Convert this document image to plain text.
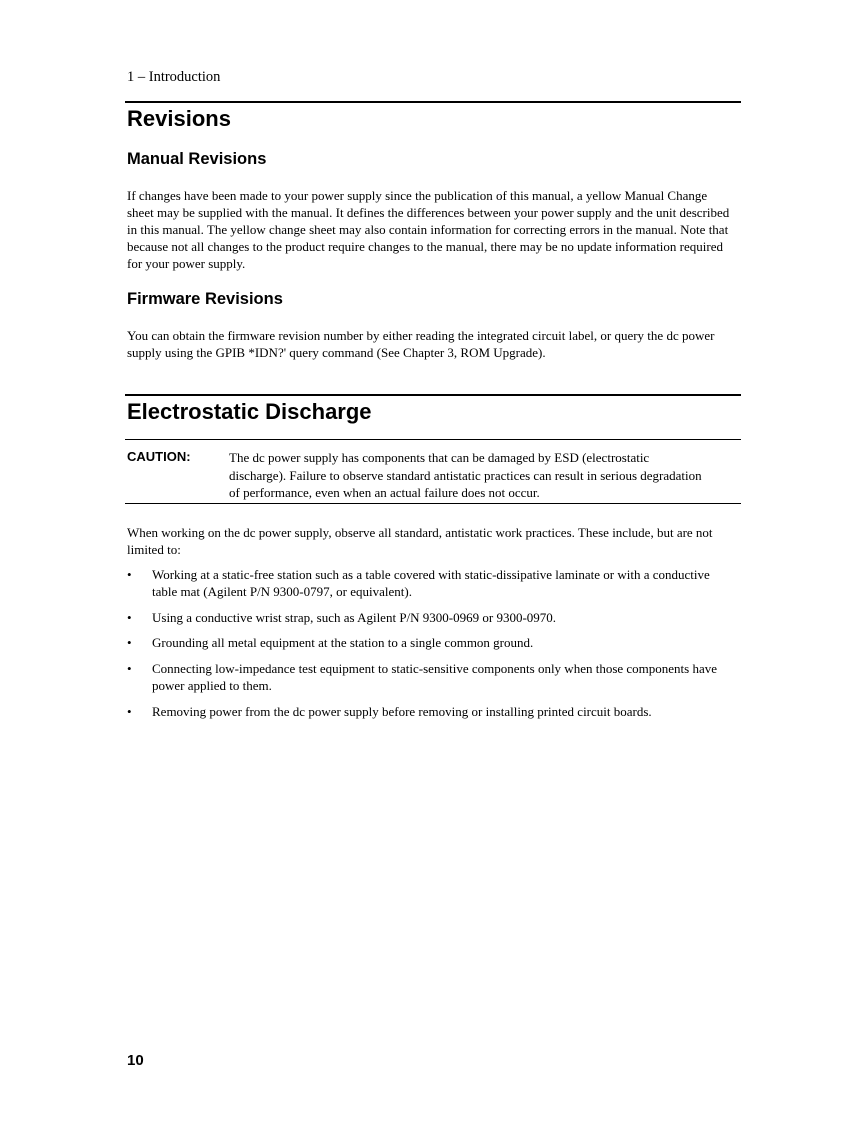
1 – Introduction
Revisions
Manual Revisions

If changes have been made to your power supply since the publication of this manual, a yellow Manual Change sheet may be supplied with the manual. It defines the differences between your power supply and the unit described in this manual. The yellow change sheet may also contain information for correcting errors in the manual. Note that because not all changes to the product require changes to the manual, there may be no update information required for your power supply.

Firmware Revisions

You can obtain the firmware revision number by either reading the integrated circuit label, or query the dc power supply using the GPIB *IDN?' query command (See Chapter 3, ROM Upgrade).

Electrostatic Discharge
CAUTION:	The dc power supply has components that can be damaged by ESD (electrostatic discharge). Failure to observe standard antistatic practices can result in serious degradation of performance, even when an actual failure does not occur.

When working on the dc power supply, observe all standard, antistatic work practices. These include, but are not limited to:

• Working at a static-free station such as a table covered with static-dissipative laminate or with a conductive table mat (Agilent P/N 9300-0797, or equivalent).
• Using a conductive wrist strap, such as Agilent P/N 9300-0969 or 9300-0970.
• Grounding all metal equipment at the station to a single common ground.
• Connecting low-impedance test equipment to static-sensitive components only when those components have power applied to them.
• Removing power from the dc power supply before removing or installing printed circuit boards.
10
